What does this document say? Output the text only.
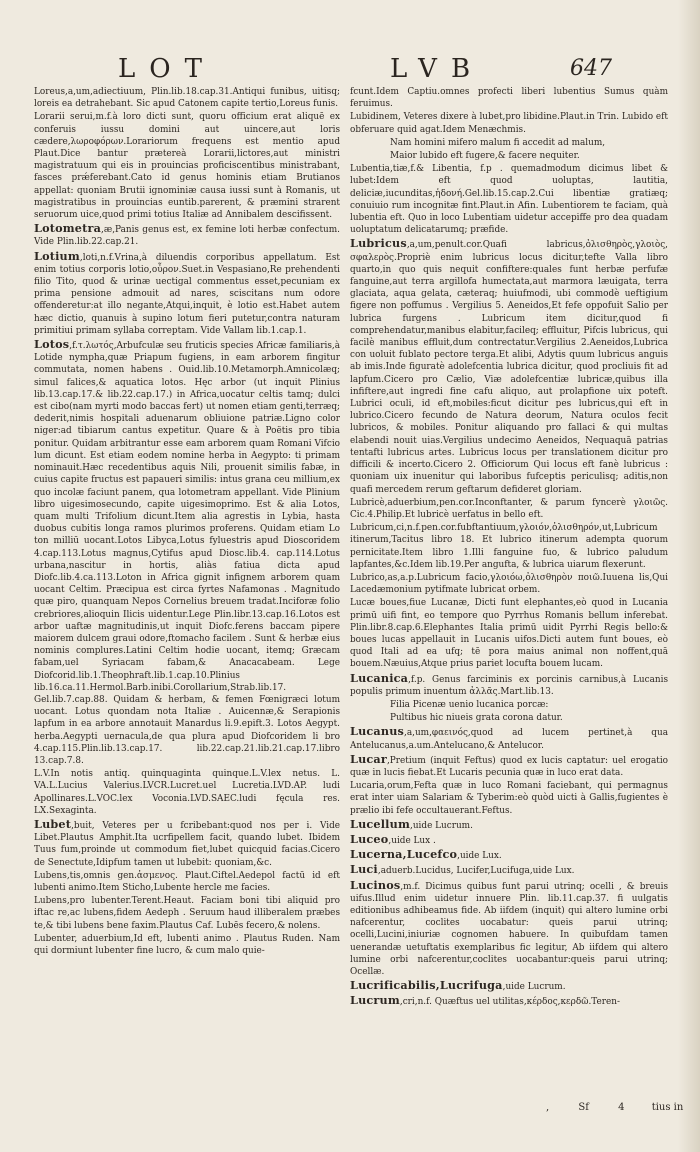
LOT	LVB	647

Loreus,a,um,adiectiuum, Plin.lib.18.cap.31.Antiqui funibus, uitisq; loreis ea detrahebant. Sic apud Catonem capite tertio,Loreus funis.

Lorarii serui,m.f.à loro dicti sunt, quoru officium erat aliquē ex conferuis iussu domini aut uincere,aut loris cædere,λωροφόρων.Lorariorum frequens est mentio apud Plaut.Dice bantur prætereà Lorarii,lictores,aut ministri magistratuum qui eis in prouincias proficiscentibus ministrabant, fasces prǽferebant.Cato id genus hominis etiam Brutianos appellat: quoniam Brutii ignominiæ causa iussi sunt à Romanis, ut magistratibus in prouincias euntib.parerent, & præmini strarent seruorum uice,quod primi totius Italiæ ad Annibalem descifissent.

Lotometra,æ,Panis genus est, ex femine loti herbæ confectum. Vide Plin.lib.22.cap.21.

Lotium,loti,n.f.Vrina,à diluendis corporibus appellatum. Est enim totius corporis lotio,οὖρον.Suet.in Vespasiano,Re prehendenti filio Tito, quod & urinæ uectigal commentus esset,pecuniam ex prima pensione admouit ad nares, sciscitans num odore offenderetur:at illo negante,Atqui,inquit, è lotio est.Habet autem hæc dictio, quanuis à supino lotum fieri putetur,contra naturam primitiui primam syllaba correptam. Vide Vallam lib.1.cap.1.

Lotos,f.τ.λωτός,Arbufculæ seu fruticis species Africæ familiaris,à Lotide nympha,quæ Priapum fugiens, in eam arborem fingitur commutata, nomen habens . Ouid.lib.10.Metamorph.Amnicolæq; simul falices,& aquatica lotos. Hęc arbor (ut inquit Plinius lib.13.cap.17.& lib.22.cap.17.) in Africa,uocatur celtis tamq; dulci est cibo(nam myrti modo baccas fert) ut nomen etiam genti,terræq; dederit,nimis hospitali aduenarum obliuione patriæ.Ligno color niger:ad tibiarum cantus expetitur. Quare & à Poëtis pro tibia ponitur. Quidam arbitrantur esse eam arborem quam Romani Vifcio lum dicunt. Est etiam eodem nomine herba in Aegypto: ti primam nominauit.Hæc recedentibus aquis Nili, prouenit similis fabæ, in cuius capite fructus est papaueri similis: intus grana ceu millium,ex quo incolæ faciunt panem, qua lotometram appellant. Vide Plinium libro uigesimosecundo, capite uigesimoprimo. Est & alia Lotos, quam multi Trifolium dicunt.Item alia agrestis in Lybia, hasta duobus cubitis longa ramos plurimos proferens. Quidam etiam Lo ton milliū uocant.Lotos Libyca,Lotus fyluestris apud Dioscoridem 4.cap.113.Lotus magnus,Cytifus apud Diosc.lib.4. cap.114.Lotus urbana,nascitur in hortis, aliàs fatiua dicta apud Diofc.lib.4.ca.113.Loton in Africa gignit infignem arborem quam uocant Celtim. Præcipua est circa fyrtes Nafamonas . Magnitudo quæ piro, quanquam Nepos Cornelius breuem tradat.Inciforæ folio crebriores,alioquin Ilicis uidentur.Lege Plin.libr.13.cap.16.Lotos est arbor uaftæ magnitudinis,ut inquit Diofc.ferens baccam pipere maiorem dulcem graui odore,ftomacho facilem . Sunt & herbæ eius nominis complures.Latini Celtim hodie uocant, itemq; Græcam fabam,uel Syriacam fabam,& Anacacabeam. Lege Diofcorid.lib.1.Theophraft.lib.1.cap.10.Plinius lib.16.ca.11.Hermol.Barb.inibi.Corollarium,Strab.lib.17. Gel.lib.7.cap.88. Quidam & herbam, & femen Fœnigræci lotum uocant. Lotus quondam nota Italiæ . Auicennæ,& Serapionis lapfum in ea arbore annotauit Manardus li.9.epift.3. Lotos Aegypt. herba.Aegypti uernacula,de qua plura apud Diofcoridem li bro 4.cap.115.Plin.lib.13.cap.17. lib.22.cap.21.lib.21.cap.17.libro 13.cap.7.8.

L.V.In notis antiq. quinquaginta quinque.L.V.lex netus. L. VA.L.Lucius Valerius.LVCR.Lucret.uel Lucretia.LVD.AP. ludi Apollinares.L.VOC.lex Voconia.LVD.SAEC.ludi fęcula res. LX.Sexaginta.

Lubet,buit, Veteres per u fcribebant:quod nos per i. Vide Libet.Plautus Amphit.Ita ucrfipellem facit, quando lubet. Ibidem Tuus fum,proinde ut commodum fiet,lubet quicquid facias.Cicero de Senectute,Idipfum tamen ut lubebit: quoniam,&c.

Lubens,tis,omnis gen.ἀσμενος. Plaut.Ciftel.Aedepol factū id eft lubenti animo.Item Sticho,Lubente hercle me facies.

Lubens,pro lubenter.Terent.Heaut. Faciam boni tibi aliquid pro iftac re,ac lubens,fidem Aedeph . Seruum haud illiberalem præbes te,& tibi lubens bene faxim.Plautus Caf. Lubēs fecero,& nolens.

Lubenter, aduerbium,Id eft, lubenti animo . Plautus Ruden. Nam qui dormiunt lubenter fine lucro, & cum malo quie-

fcunt.Idem Captiu.omnes profecti liberi lubentius Sumus quàm feruimus.

Lubidinem, Veteres dixere à lubet,pro libidine.Plaut.in Trin. Lubido eft obferuare quid agat.Idem Menæchmis.

Nam homini mifero malum fi accedit ad malum,

Maior lubido eft fugere,& facere nequiter.

Lubentia,tiæ,f.& Libentia, f.p . quemadmodum dicimus libet & lubet:Idem eft quod uoluptas, lautitia, deliciæ,iucunditas,ἡδονή.Gel.lib.15.cap.2.Cui libentiæ gratiæq; conuiuio rum incognitæ fint.Plaut.in Afin. Lubentiorem te faciam, quà lubentia eft. Quo in loco Lubentiam uidetur accepiffe pro dea quadam uoluptatum delicatarumq; præfide.

Lubricus,a,um,penult.cor.Quafi labricus,ὀλισθηρὸς,γλοιὸς, σφαλερὸς.Propriè enim lubricus locus dicitur,tefte Valla libro quarto,in quo quis nequit confiftere:quales funt herbæ perfufæ fanguine,aut terra argillofa humectata,aut marmora læuigata, terra glaciata, aqua gelata, cæteraq; huiufmodi, ubi commodè ueftigium figere non poffumus . Vergilius 5. Aeneidos,Et fefe oppofuit Salio per lubrica furgens . Lubricum item dicitur,quod fi comprehendatur,manibus elabitur,facileq; effluitur, Pifcis lubricus, qui facilè manibus effluit,dum contrectatur.Vergilius 2.Aeneidos,Lubrica con uoluit fublato pectore terga.Et alibi, Adytis quum lubricus anguis ab imis.Inde figuratè adolefcentia lubrica dicitur, quod procliuis fit ad lapfum.Cicero pro Cælio, Viæ adolefcentiæ lubricæ,quibus illa infiftere,aut ingredi fine cafu aliquo, aut prolapfione uix poteft. Lubrici oculi, id eft,mobiles:ficut dicitur pes lubricus,qui eft in lubrico.Cicero fecundo de Natura deorum, Natura oculos fecit lubricos, & mobiles. Ponitur aliquando pro fallaci & qui multas elabendi nouit uias.Vergilius undecimo Aeneidos, Nequaquā patrias tentafti lubricus artes. Lubricus locus per translationem dicitur pro difficili & incerto.Cicero 2. Officiorum Qui locus eft fanè lubricus : quoniam uix inuenitur qui laboribus fufceptis periculisq; aditis,non quafi mercedem rerum geftarum defideret gloriam.

Lubricè,aduerbium,pen.cor.Inconftanter, & parum fyncerè γλοιῶς. Cic.4.Philip.Et lubricè uerfatus in bello eft.

Lubricum,ci,n.f.pen.cor.fubftantiuum,γλοιόν,ὀλισθηρόν,ut,Lubricum itinerum,Tacitus libro 18. Et lubrico itinerum adempta quorum pernicitate.Item libro 1.Illi fanguine fuo, & lubrico paludum lapfantes,&c.Idem lib.19.Per angufta, & lubrica uiarum flexerunt.

Lubrico,as,a.p.Lubricum facio,γλοιόω,ὀλισθηρὸν ποιῶ.Iuuena lis,Qui Lacedæmonium pytifmate lubricat orbem.

Lucæ boues,fiue Lucanæ, Dicti funt elephantes,eò quod in Lucania primū uifi fint, eo tempore quo Pyrrhus Romanis bellum inferebat. Plin.libr.8.cap.6.Elephantes Italia primū uidit Pyrrhi Regis bello:& boues lucas appellauit in Lucanis uifos.Dicti autem funt boues, eò quod Itali ad ea ufq; tē pora maius animal non noffent,quā bouem.Næuius,Atque prius pariet locufta bouem lucam.

Lucanica,f.p. Genus farciminis ex porcinis carnibus,à Lucanis populis primum inuentum ἀλλᾶς.Mart.lib.13.

Filia Picenæ uenio lucanica porcæ:

Pultibus hic niueis grata corona datur.

Lucanus,a,um,φαεινός,quod ad lucem pertinet,à qua Antelucanus,a.um.Antelucano,& Antelucor.

Lucar,Pretium (inquit Feftus) quod ex lucis captatur: uel erogatio quæ in lucis fiebat.Et Lucaris pecunia quæ in luco erat data.

Lucaria,orum,Fefta quæ in luco Romani faciebant, qui permagnus erat inter uiam Salariam & Tyberim:eò quòd uicti à Gallis,fugientes è prælio ibi fefe occultauerant.Feftus.

Lucellum,uide Lucrum.

Luceo,uide Lux .

Lucerna,Lucefco,uide Lux.

Luci,aduerb.Lucidus, Lucifer,Lucifuga,uide Lux.

Lucinos,m.f. Dicimus quibus funt parui utrinq; ocelli , & breuis uifus.Illud enim uidetur innuere Plin. lib.11.cap.37. fi uulgatis editionibus adhibeamus fide. Ab iifdem (inquit) qui altero lumine orbi nafcerentur, coclites uocabatur: queis parui utrinq; ocelli,Lucini,iniuriæ cognomen habuere. In quibufdam tamen uenerandæ uetuftatis exemplaribus fic legitur, Ab iifdem qui altero lumine orbi nafcerentur,coclites uocabantur:queis parui utrinq; Ocellæ.

Lucrificabilis,Lucrifuga,uide Lucrum.

Lucrum,cri,n.f. Quæftus uel utilitas,κέρδος,κερδῶ.Teren-

,	Sf	4	tius in
